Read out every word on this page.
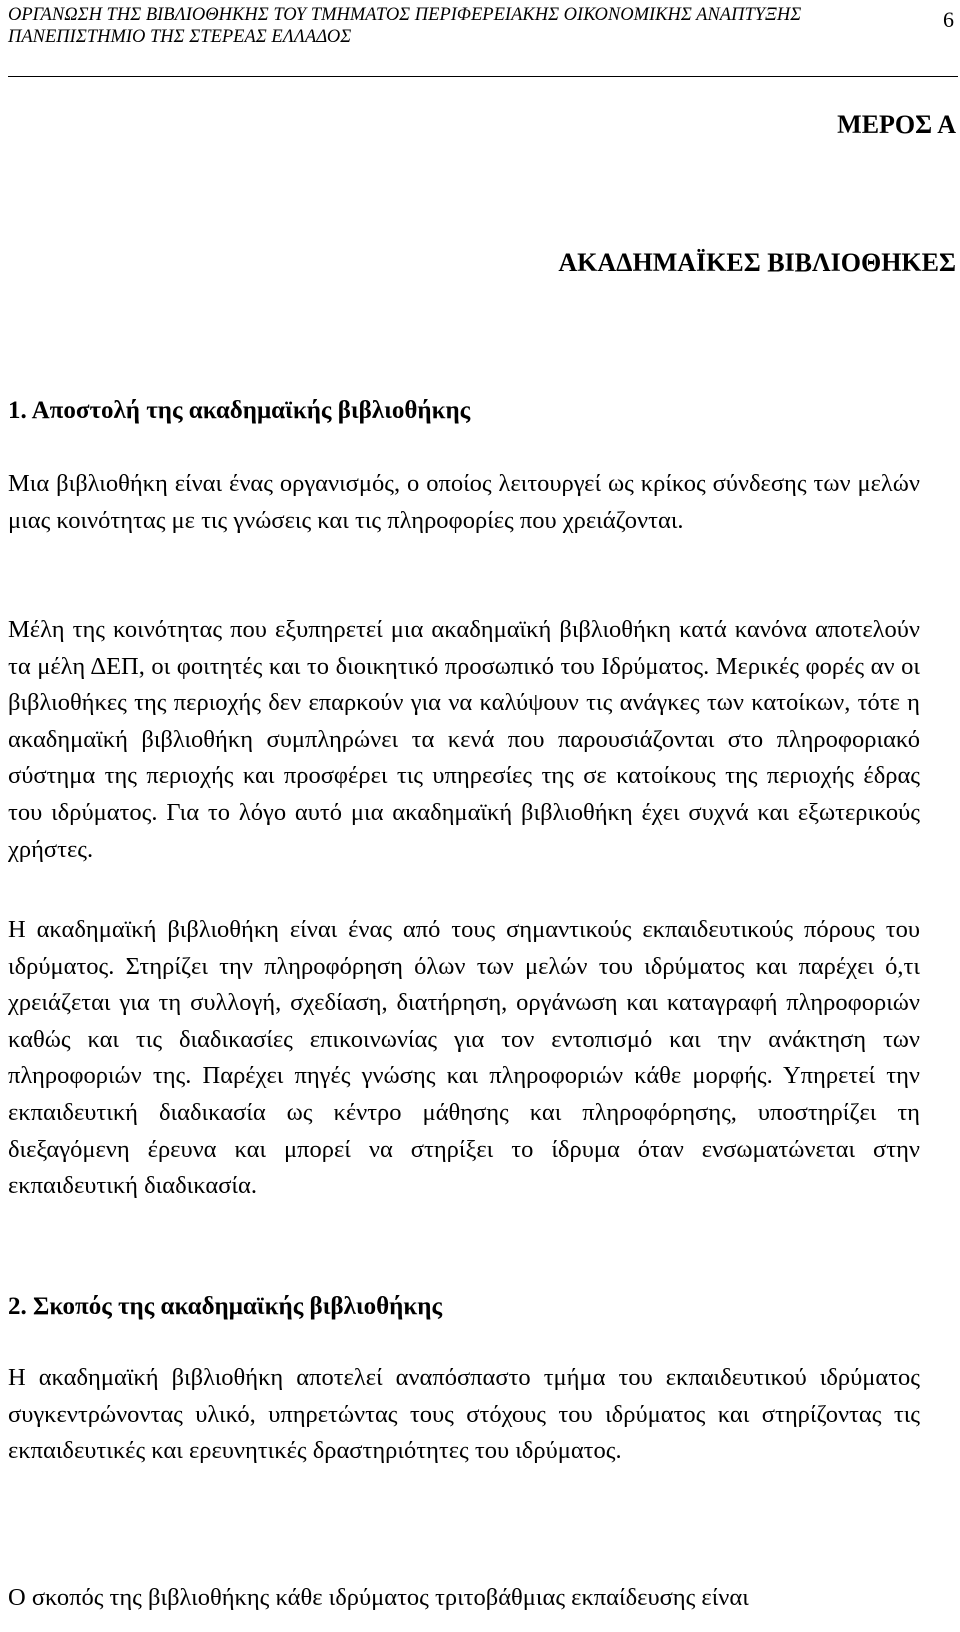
ΟΡΓΑΝΩΣΗ ΤΗΣ ΒΙΒΛΙΟΘΗΚΗΣ ΤΟΥ ΤΜΗΜΑΤΟΣ ΠΕΡΙΦΕΡΕΙΑΚΗΣ ΟΙΚΟΝΟΜΙΚΗΣ ΑΝΑΠΤΥΞΗΣ
ΠΑΝΕΠΙΣΤΗΜΙΟ ΤΗΣ ΣΤΕΡΕΑΣ ΕΛΛΑΔΟΣ
6
ΜΕΡΟΣ Α
ΑΚΑΔΗΜΑΪΚΕΣ ΒΙΒΛΙΟΘΗΚΕΣ
1. Αποστολή της ακαδημαϊκής βιβλιοθήκης

Μια βιβλιοθήκη είναι ένας οργανισμός, ο οποίος λειτουργεί ως κρίκος σύνδεσης των μελών μιας κοινότητας με τις γνώσεις και τις πληροφορίες που χρειάζονται.

Μέλη της κοινότητας που εξυπηρετεί μια ακαδημαϊκή βιβλιοθήκη κατά κανόνα αποτελούν τα μέλη ΔΕΠ, οι φοιτητές και το διοικητικό προσωπικό του Ιδρύματος. Μερικές φορές αν οι βιβλιοθήκες της περιοχής δεν επαρκούν για να καλύψουν τις ανάγκες των κατοίκων, τότε η ακαδημαϊκή βιβλιοθήκη συμπληρώνει τα κενά που παρουσιάζονται στο πληροφοριακό σύστημα της περιοχής και προσφέρει τις υπηρεσίες της σε κατοίκους της περιοχής έδρας του ιδρύματος. Για το λόγο αυτό μια ακαδημαϊκή βιβλιοθήκη έχει συχνά και εξωτερικούς χρήστες.

Η ακαδημαϊκή βιβλιοθήκη είναι ένας από τους σημαντικούς εκπαιδευτικούς πόρους του ιδρύματος. Στηρίζει την πληροφόρηση όλων των μελών του ιδρύματος και παρέχει ό,τι χρειάζεται για τη συλλογή, σχεδίαση, διατήρηση, οργάνωση και καταγραφή πληροφοριών καθώς και τις διαδικασίες επικοινωνίας για τον εντοπισμό και την ανάκτηση των πληροφοριών της. Παρέχει πηγές γνώσης και πληροφοριών κάθε μορφής. Υπηρετεί την εκπαιδευτική διαδικασία ως κέντρο μάθησης και πληροφόρησης, υποστηρίζει τη διεξαγόμενη έρευνα και μπορεί να στηρίξει το ίδρυμα όταν ενσωματώνεται στην εκπαιδευτική διαδικασία.

2. Σκοπός της ακαδημαϊκής βιβλιοθήκης

Η ακαδημαϊκή βιβλιοθήκη αποτελεί αναπόσπαστο τμήμα του εκπαιδευτικού ιδρύματος συγκεντρώνοντας υλικό, υπηρετώντας τους στόχους του ιδρύματος και στηρίζοντας τις εκπαιδευτικές και ερευνητικές δραστηριότητες του ιδρύματος.

Ο σκοπός της βιβλιοθήκης κάθε ιδρύματος τριτοβάθμιας εκπαίδευσης είναι
